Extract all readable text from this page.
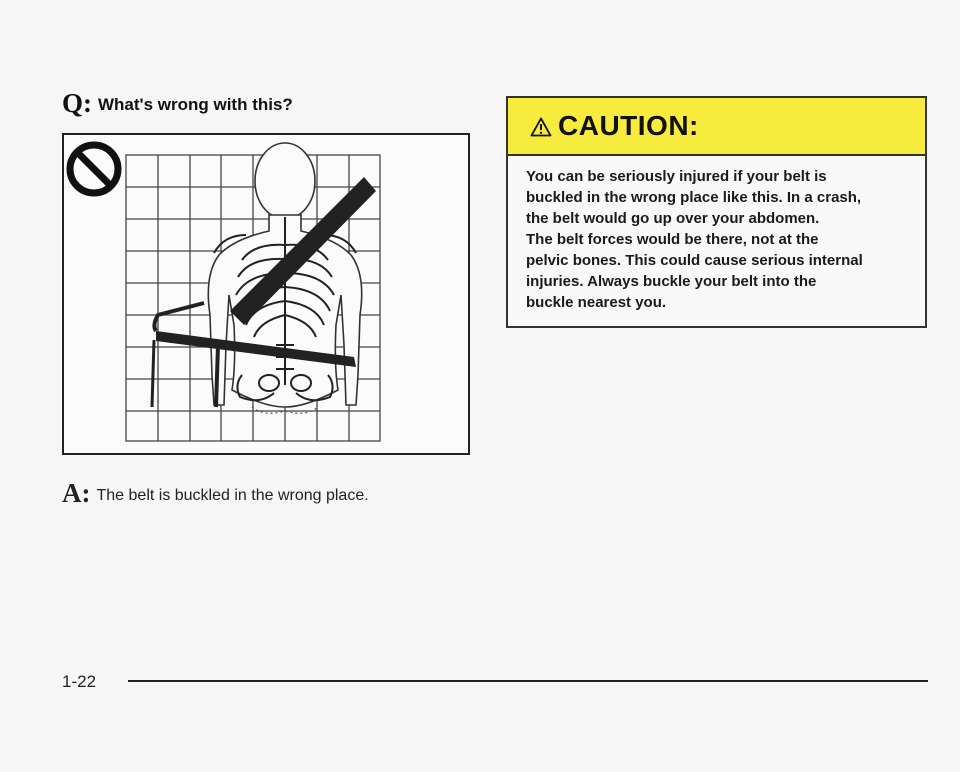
Q: What's wrong with this?
A: The belt is buckled in the wrong place.
CAUTION:
You can be seriously injured if your belt is
buckled in the wrong place like this. In a crash,
the belt would go up over your abdomen.
The belt forces would be there, not at the
pelvic bones. This could cause serious internal
injuries. Always buckle your belt into the
buckle nearest you.
1-22
